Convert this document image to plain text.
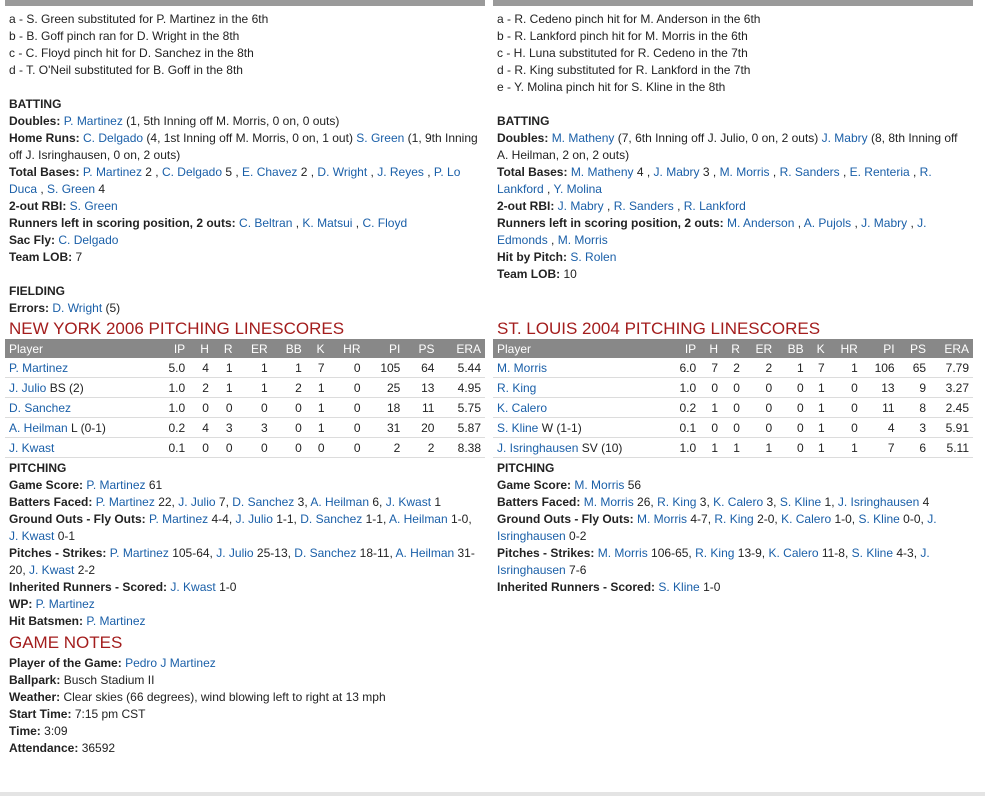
a - S. Green substituted for P. Martinez in the 6th
b - B. Goff pinch ran for D. Wright in the 8th
c - C. Floyd pinch hit for D. Sanchez in the 8th
d - T. O'Neil substituted for B. Goff in the 8th
BATTING
Doubles: P. Martinez (1, 5th Inning off M. Morris, 0 on, 0 outs)
Home Runs: C. Delgado (4, 1st Inning off M. Morris, 0 on, 1 out) S. Green (1, 9th Inning off J. Isringhausen, 0 on, 2 outs)
Total Bases: P. Martinez 2 , C. Delgado 5 , E. Chavez 2 , D. Wright , J. Reyes , P. Lo Duca , S. Green 4
2-out RBI: S. Green
Runners left in scoring position, 2 outs: C. Beltran , K. Matsui , C. Floyd
Sac Fly: C. Delgado
Team LOB: 7
FIELDING
Errors: D. Wright (5)
NEW YORK 2006 PITCHING LINESCORES
Player	IP	H	R	ER	BB	K	HR	PI	PS	ERA
P. Martinez	5.0	4	1	1	1	7	0	105	64	5.44
J. Julio BS (2)	1.0	2	1	1	2	1	0	25	13	4.95
D. Sanchez	1.0	0	0	0	0	1	0	18	11	5.75
A. Heilman L (0-1)	0.2	4	3	3	0	1	0	31	20	5.87
J. Kwast	0.1	0	0	0	0	0	0	2	2	8.38
PITCHING
Game Score: P. Martinez 61
Batters Faced: P. Martinez 22, J. Julio 7, D. Sanchez 3, A. Heilman 6, J. Kwast 1
Ground Outs - Fly Outs: P. Martinez 4-4, J. Julio 1-1, D. Sanchez 1-1, A. Heilman 1-0, J. Kwast 0-1
Pitches - Strikes: P. Martinez 105-64, J. Julio 25-13, D. Sanchez 18-11, A. Heilman 31-20, J. Kwast 2-2
Inherited Runners - Scored: J. Kwast 1-0
WP: P. Martinez
Hit Batsmen: P. Martinez
GAME NOTES
Player of the Game: Pedro J Martinez
Ballpark: Busch Stadium II
Weather: Clear skies (66 degrees), wind blowing left to right at 13 mph
Start Time: 7:15 pm CST
Time: 3:09
Attendance: 36592
a - R. Cedeno pinch hit for M. Anderson in the 6th
b - R. Lankford pinch hit for M. Morris in the 6th
c - H. Luna substituted for R. Cedeno in the 7th
d - R. King substituted for R. Lankford in the 7th
e - Y. Molina pinch hit for S. Kline in the 8th
BATTING
Doubles: M. Matheny (7, 6th Inning off J. Julio, 0 on, 2 outs) J. Mabry (8, 8th Inning off A. Heilman, 2 on, 2 outs)
Total Bases: M. Matheny 4 , J. Mabry 3 , M. Morris , R. Sanders , E. Renteria , R. Lankford , Y. Molina
2-out RBI: J. Mabry , R. Sanders , R. Lankford
Runners left in scoring position, 2 outs: M. Anderson , A. Pujols , J. Mabry , J. Edmonds , M. Morris
Hit by Pitch: S. Rolen
Team LOB: 10
ST. LOUIS 2004 PITCHING LINESCORES
Player	IP	H	R	ER	BB	K	HR	PI	PS	ERA
M. Morris	6.0	7	2	2	1	7	1	106	65	7.79
R. King	1.0	0	0	0	0	1	0	13	9	3.27
K. Calero	0.2	1	0	0	0	1	0	11	8	2.45
S. Kline W (1-1)	0.1	0	0	0	0	1	0	4	3	5.91
J. Isringhausen SV (10)	1.0	1	1	1	0	1	1	7	6	5.11
PITCHING
Game Score: M. Morris 56
Batters Faced: M. Morris 26, R. King 3, K. Calero 3, S. Kline 1, J. Isringhausen 4
Ground Outs - Fly Outs: M. Morris 4-7, R. King 2-0, K. Calero 1-0, S. Kline 0-0, J. Isringhausen 0-2
Pitches - Strikes: M. Morris 106-65, R. King 13-9, K. Calero 11-8, S. Kline 4-3, J. Isringhausen 7-6
Inherited Runners - Scored: S. Kline 1-0
